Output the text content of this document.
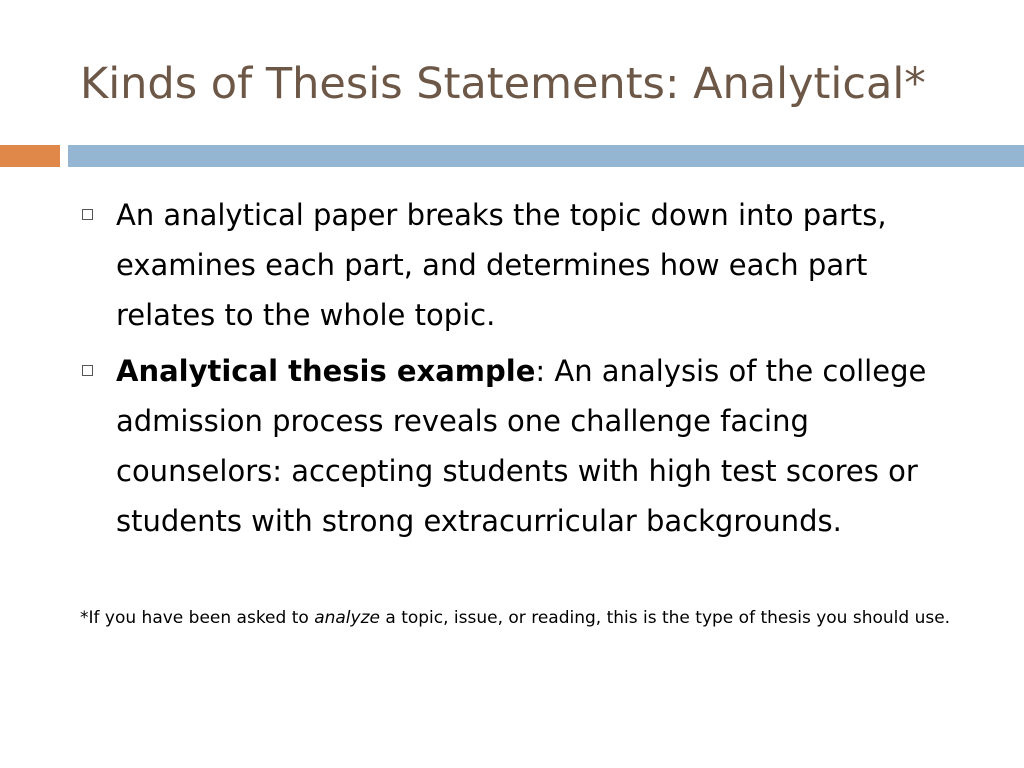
Kinds of Thesis Statements: Analytical*
An analytical paper breaks the topic down into parts, examines each part, and determines how each part relates to the whole topic.
Analytical thesis example: An analysis of the college admission process reveals one challenge facing counselors: accepting students with high test scores or students with strong extracurricular backgrounds.

*If you have been asked to analyze a topic, issue, or reading, this is the type of thesis you should use.
